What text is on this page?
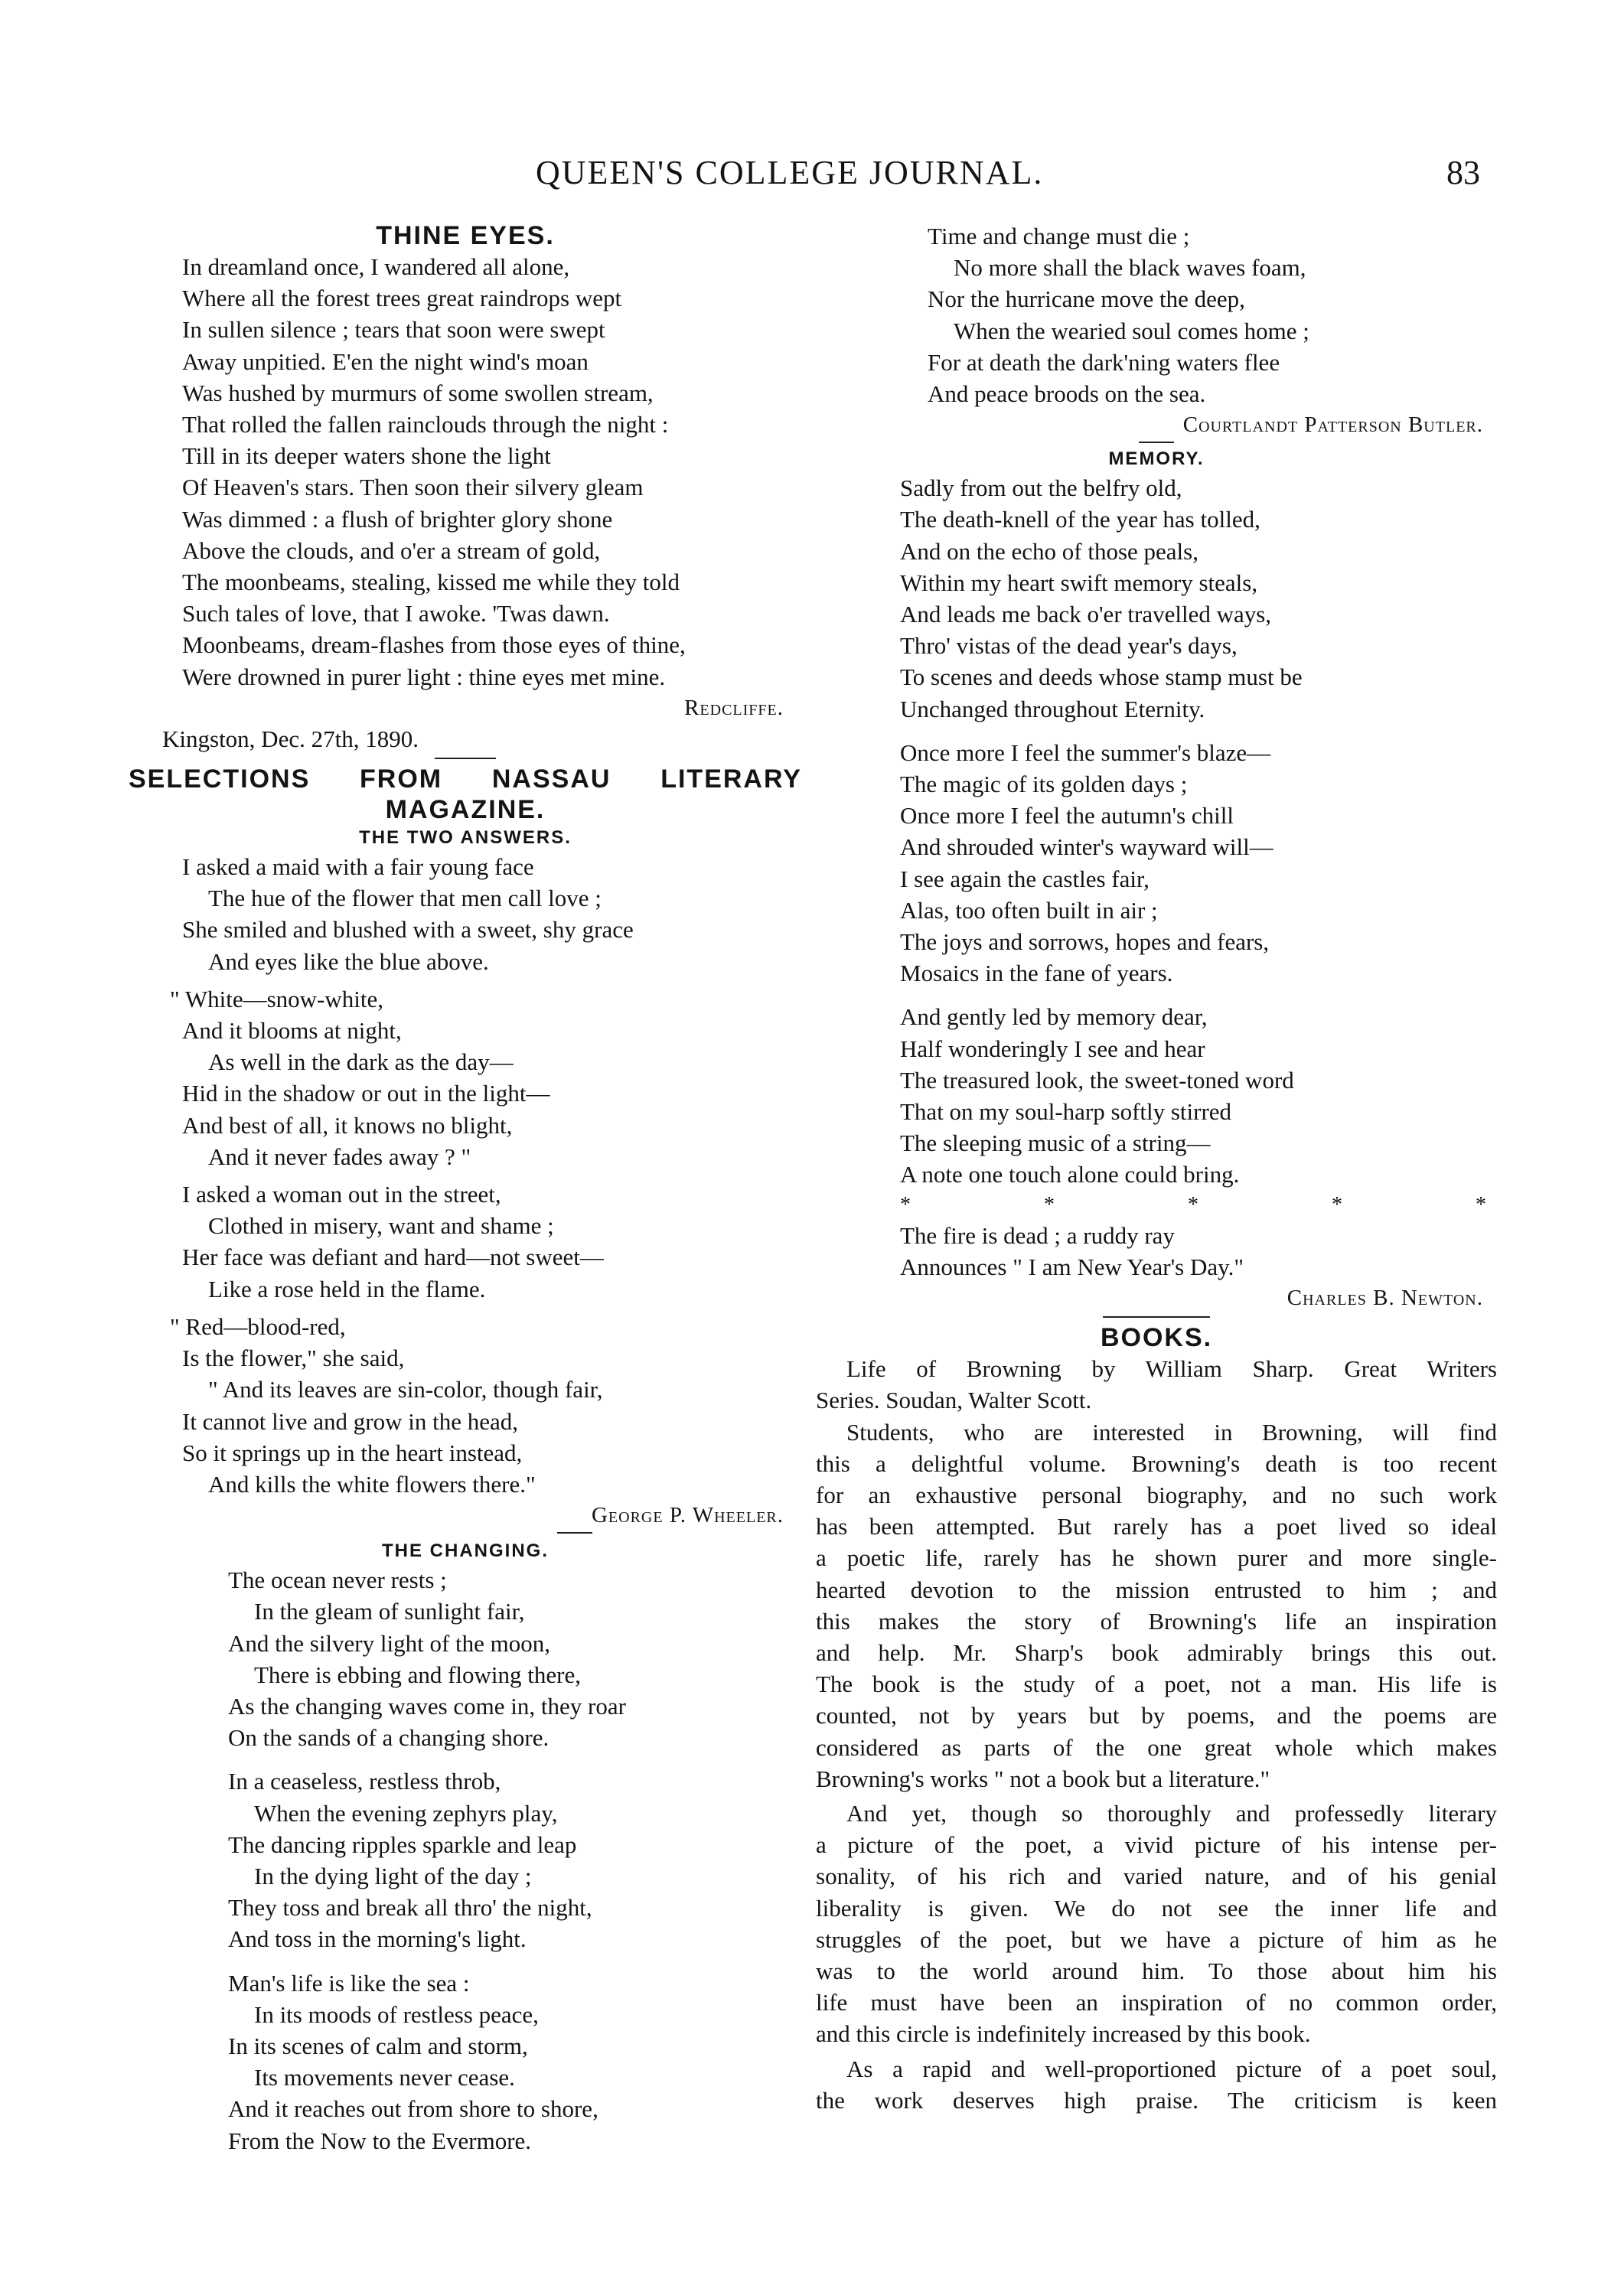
QUEEN'S COLLEGE JOURNAL.	83
THINE EYES.
In dreamland once, I wandered all alone,
Where all the forest trees great raindrops wept
In sullen silence ; tears that soon were swept
Away unpitied. E'en the night wind's moan
Was hushed by murmurs of some swollen stream,
That rolled the fallen rainclouds through the night :
Till in its deeper waters shone the light
Of Heaven's stars. Then soon their silvery gleam
Was dimmed : a flush of brighter glory shone
Above the clouds, and o'er a stream of gold,
The moonbeams, stealing, kissed me while they told
Such tales of love, that I awoke. 'Twas dawn.
Moonbeams, dream-flashes from those eyes of thine,
Were drowned in purer light : thine eyes met mine.
Redcliffe.
Kingston, Dec. 27th, 1890.
SELECTIONS FROM NASSAU LITERARY
MAGAZINE.
THE TWO ANSWERS.
I asked a maid with a fair young face
The hue of the flower that men call love ;
She smiled and blushed with a sweet, shy grace
And eyes like the blue above.
" White—snow-white,
And it blooms at night,
As well in the dark as the day—
Hid in the shadow or out in the light—
And best of all, it knows no blight,
And it never fades away ? "
I asked a woman out in the street,
Clothed in misery, want and shame ;
Her face was defiant and hard—not sweet—
Like a rose held in the flame.
" Red—blood-red,
Is the flower," she said,
" And its leaves are sin-color, though fair,
It cannot live and grow in the head,
So it springs up in the heart instead,
And kills the white flowers there."
George P. Wheeler.
THE CHANGING.
The ocean never rests ;
In the gleam of sunlight fair,
And the silvery light of the moon,
There is ebbing and flowing there,
As the changing waves come in, they roar
On the sands of a changing shore.
In a ceaseless, restless throb,
When the evening zephyrs play,
The dancing ripples sparkle and leap
In the dying light of the day ;
They toss and break all thro' the night,
And toss in the morning's light.
Man's life is like the sea :
In its moods of restless peace,
In its scenes of calm and storm,
Its movements never cease.
And it reaches out from shore to shore,
From the Now to the Evermore.
Time and change must die ;
No more shall the black waves foam,
Nor the hurricane move the deep,
When the wearied soul comes home ;
For at death the dark'ning waters flee
And peace broods on the sea.
Courtlandt Patterson Butler.
MEMORY.
Sadly from out the belfry old,
The death-knell of the year has tolled,
And on the echo of those peals,
Within my heart swift memory steals,
And leads me back o'er travelled ways,
Thro' vistas of the dead year's days,
To scenes and deeds whose stamp must be
Unchanged throughout Eternity.
Once more I feel the summer's blaze—
The magic of its golden days ;
Once more I feel the autumn's chill
And shrouded winter's wayward will—
I see again the castles fair,
Alas, too often built in air ;
The joys and sorrows, hopes and fears,
Mosaics in the fane of years.
And gently led by memory dear,
Half wonderingly I see and hear
The treasured look, the sweet-toned word
That on my soul-harp softly stirred
The sleeping music of a string—
A note one touch alone could bring.
*	*	*	*	*
The fire is dead ; a ruddy ray
Announces " I am New Year's Day."
Charles B. Newton.
BOOKS.
Life of Browning by William Sharp. Great Writers
Series. Soudan, Walter Scott.
Students, who are interested in Browning, will find
this a delightful volume. Browning's death is too recent
for an exhaustive personal biography, and no such work
has been attempted. But rarely has a poet lived so ideal
a poetic life, rarely has he shown purer and more single-
hearted devotion to the mission entrusted to him ; and
this makes the story of Browning's life an inspiration
and help. Mr. Sharp's book admirably brings this out.
The book is the study of a poet, not a man. His life is
counted, not by years but by poems, and the poems are
considered as parts of the one great whole which makes
Browning's works " not a book but a literature."
And yet, though so thoroughly and professedly literary
a picture of the poet, a vivid picture of his intense per-
sonality, of his rich and varied nature, and of his genial
liberality is given. We do not see the inner life and
struggles of the poet, but we have a picture of him as he
was to the world around him. To those about him his
life must have been an inspiration of no common order,
and this circle is indefinitely increased by this book.
As a rapid and well-proportioned picture of a poet soul,
the work deserves high praise. The criticism is keen
